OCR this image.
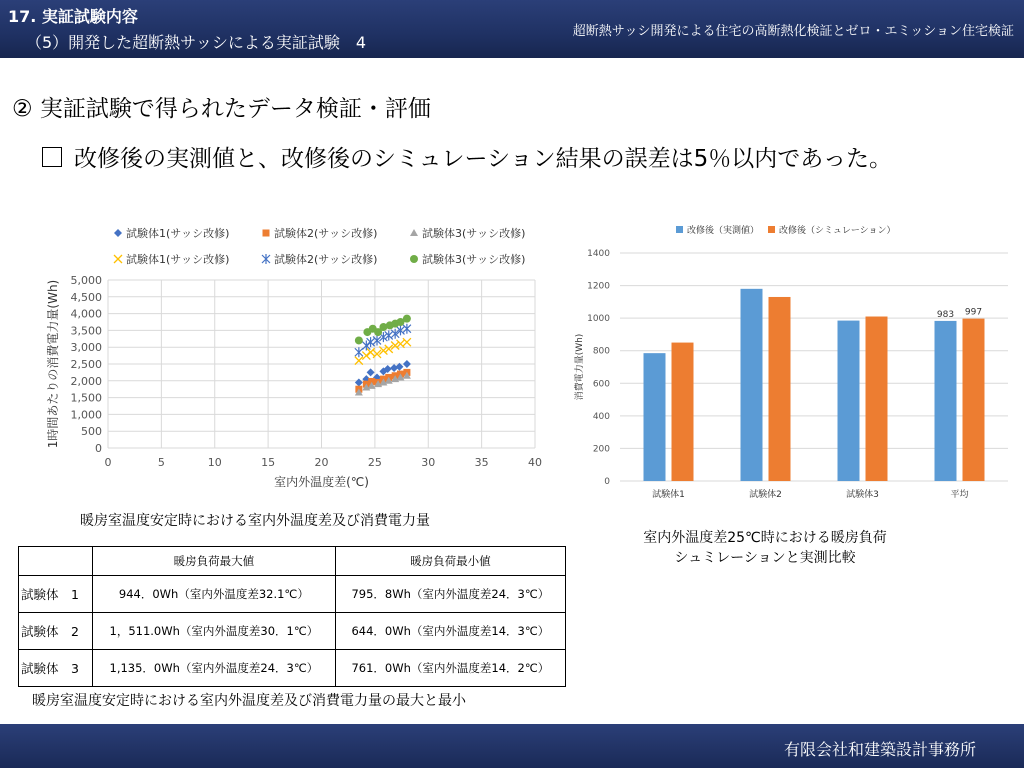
17. 実証試験内容
（5）開発した超断熱サッシによる実証試験　4
超断熱サッシ開発による住宅の高断熱化検証とゼロ・エミッション住宅検証
② 実証試験で得られたデータ検証・評価
改修後の実測値と、改修後のシミュレーション結果の誤差は5％以内であった。
試験体1(サッシ改修)	試験体2(サッシ改修)	試験体3(サッシ改修)
試験体1(サッシ改修)	試験体2(サッシ改修)	試験体3(サッシ改修)
0
500
1,000
1,500
2,000
2,500
3,000
3,500
4,000
4,500
5,000
0	5	10	15	20	25	30	35	40
室内外温度差(℃)
1時間あたりの消費電力量(Wh)
暖房室温度安定時における室内外温度差及び消費電力量
改修後（実測値） 改修後（シミュレーション）
0
200
400
600
800
1000
1200
1400
消費電力量(Wh)
試験体1	試験体2	試験体3	平均
983 997
室内外温度差25℃時における暖房負荷
シュミレーションと実測比較
	暖房負荷最大値	暖房負荷最小値
試験体　1	944．0Wh（室内外温度差32.1℃）	795．8Wh（室内外温度差24．3℃）
試験体　2	1，511.0Wh（室内外温度差30．1℃）	644．0Wh（室内外温度差14．3℃）
試験体　3	1,135．0Wh（室内外温度差24．3℃）	761．0Wh（室内外温度差14．2℃）
暖房室温度安定時における室内外温度差及び消費電力量の最大と最小
有限会社和建築設計事務所
